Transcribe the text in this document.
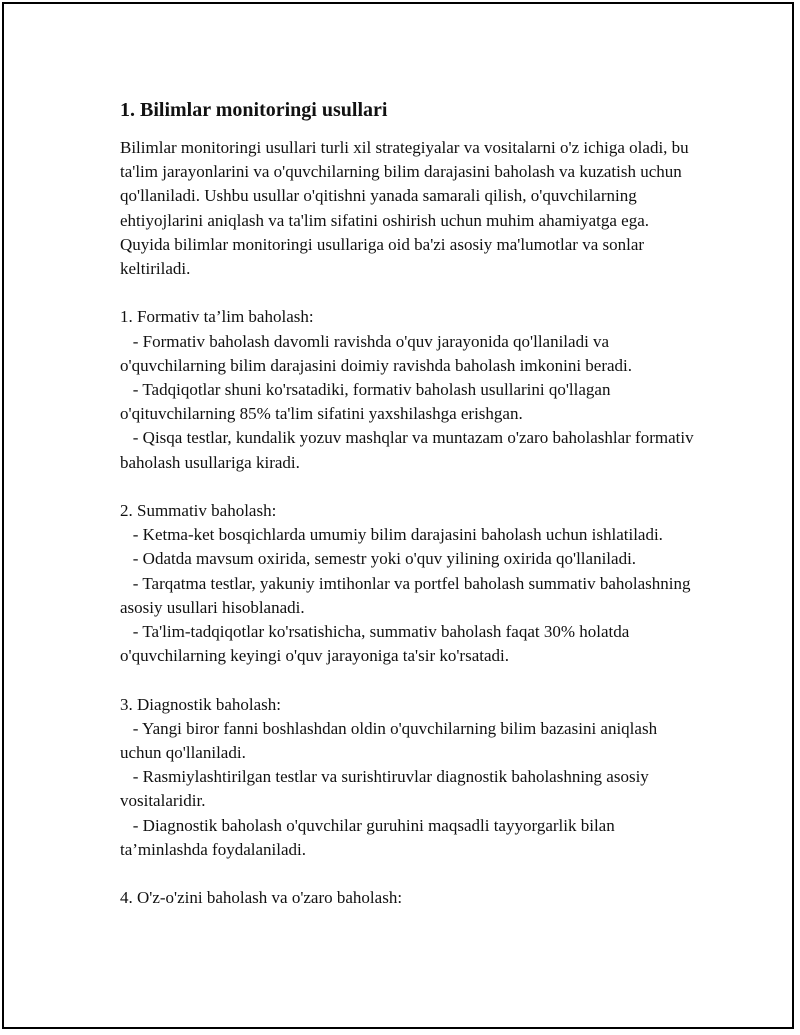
1. Bilimlar monitoringi usullari

Bilimlar monitoringi usullari turli xil strategiyalar va vositalarni o'z ichiga oladi, bu ta'lim jarayonlarini va o'quvchilarning bilim darajasini baholash va kuzatish uchun qo'llaniladi. Ushbu usullar o'qitishni yanada samarali qilish, o'quvchilarning ehtiyojlarini aniqlash va ta'lim sifatini oshirish uchun muhim ahamiyatga ega. Quyida bilimlar monitoringi usullariga oid ba'zi asosiy ma'lumotlar va sonlar keltiriladi.

1. Formativ ta’lim baholash:

- Formativ baholash davomli ravishda o'quv jarayonida qo'llaniladi va o'quvchilarning bilim darajasini doimiy ravishda baholash imkonini beradi.

- Tadqiqotlar shuni ko'rsatadiki, formativ baholash usullarini qo'llagan o'qituvchilarning 85% ta'lim sifatini yaxshilashga erishgan.

- Qisqa testlar, kundalik yozuv mashqlar va muntazam o'zaro baholashlar formativ baholash usullariga kiradi.

2. Summativ baholash:

- Ketma-ket bosqichlarda umumiy bilim darajasini baholash uchun ishlatiladi.

- Odatda mavsum oxirida, semestr yoki o'quv yilining oxirida qo'llaniladi.

- Tarqatma testlar, yakuniy imtihonlar va portfel baholash summativ baholashning asosiy usullari hisoblanadi.

- Ta'lim-tadqiqotlar ko'rsatishicha, summativ baholash faqat 30% holatda o'quvchilarning keyingi o'quv jarayoniga ta'sir ko'rsatadi.

3. Diagnostik baholash:

- Yangi biror fanni boshlashdan oldin o'quvchilarning bilim bazasini aniqlash uchun qo'llaniladi.

- Rasmiylashtirilgan testlar va surishtiruvlar diagnostik baholashning asosiy vositalaridir.

- Diagnostik baholash o'quvchilar guruhini maqsadli tayyorgarlik bilan ta’minlashda foydalaniladi.

4. O'z-o'zini baholash va o'zaro baholash:
